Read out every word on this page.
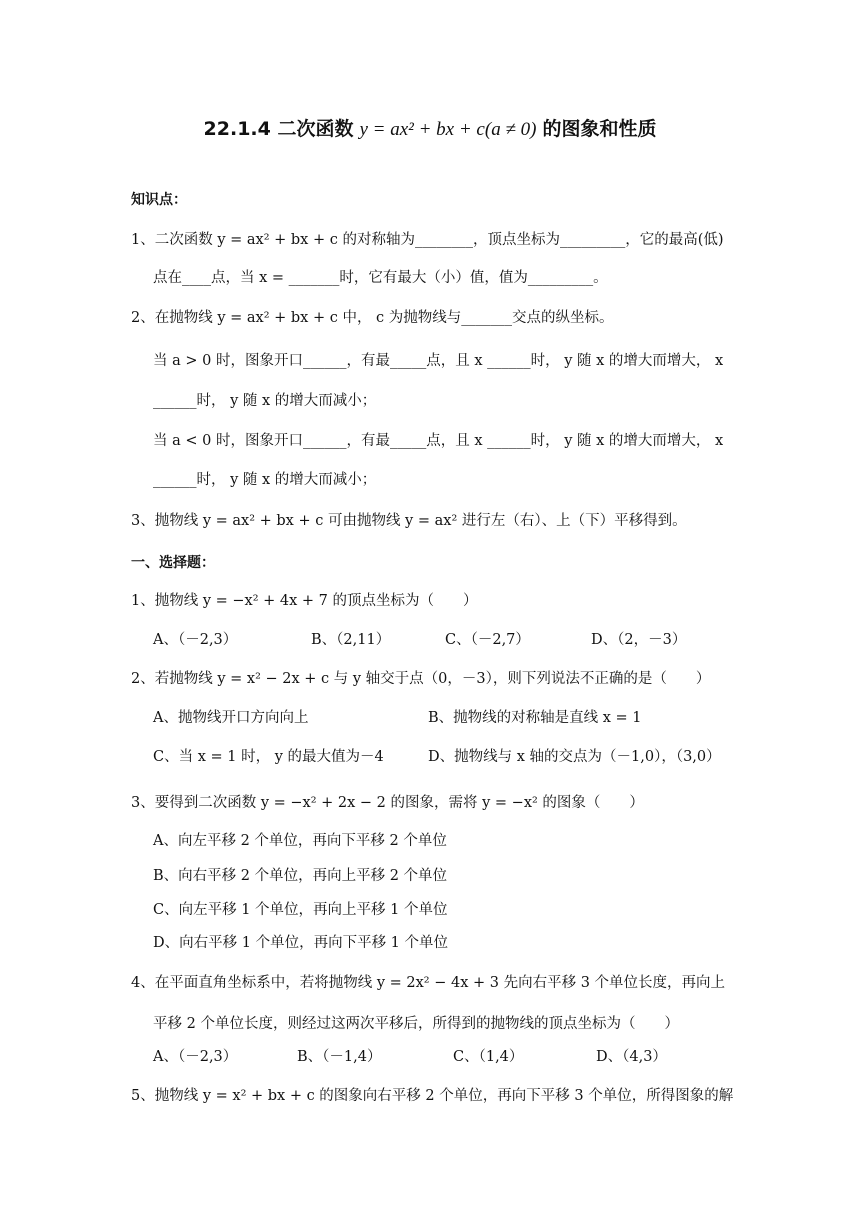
22.1.4 二次函数 y = ax² + bx + c(a ≠ 0) 的图象和性质
知识点：
1、二次函数 y = ax² + bx + c 的对称轴为________，顶点坐标为_________，它的最高(低)
点在____点，当 x = _______时，它有最大（小）值，值为_________。
2、在抛物线 y = ax² + bx + c 中， c 为抛物线与_______交点的纵坐标。
当 a > 0 时，图象开口______，有最_____点，且 x ______时， y 随 x 的增大而增大， x
______时， y 随 x 的增大而减小；
当 a < 0 时，图象开口______，有最_____点，且 x ______时， y 随 x 的增大而增大， x
______时， y 随 x 的增大而减小；
3、抛物线 y = ax² + bx + c 可由抛物线 y = ax² 进行左（右）、上（下）平移得到。
一、选择题：
1、抛物线 y = −x² + 4x + 7 的顶点坐标为（　　）
A、（－2,3）	B、（2,11）	C、（－2,7）	D、（2，－3）
2、若抛物线 y = x² − 2x + c 与 y 轴交于点（0，－3），则下列说法不正确的是（　　）
A、抛物线开口方向向上	B、抛物线的对称轴是直线 x = 1
C、当 x = 1 时， y 的最大值为－4	D、抛物线与 x 轴的交点为（－1,0），（3,0）
3、要得到二次函数 y = −x² + 2x − 2 的图象，需将 y = −x² 的图象（　　）
A、向左平移 2 个单位，再向下平移 2 个单位
B、向右平移 2 个单位，再向上平移 2 个单位
C、向左平移 1 个单位，再向上平移 1 个单位
D、向右平移 1 个单位，再向下平移 1 个单位
4、在平面直角坐标系中，若将抛物线 y = 2x² − 4x + 3 先向右平移 3 个单位长度，再向上
平移 2 个单位长度，则经过这两次平移后，所得到的抛物线的顶点坐标为（　　）
A、（－2,3）	B、（－1,4）	C、（1,4）	D、（4,3）
5、抛物线 y = x² + bx + c 的图象向右平移 2 个单位，再向下平移 3 个单位，所得图象的解
